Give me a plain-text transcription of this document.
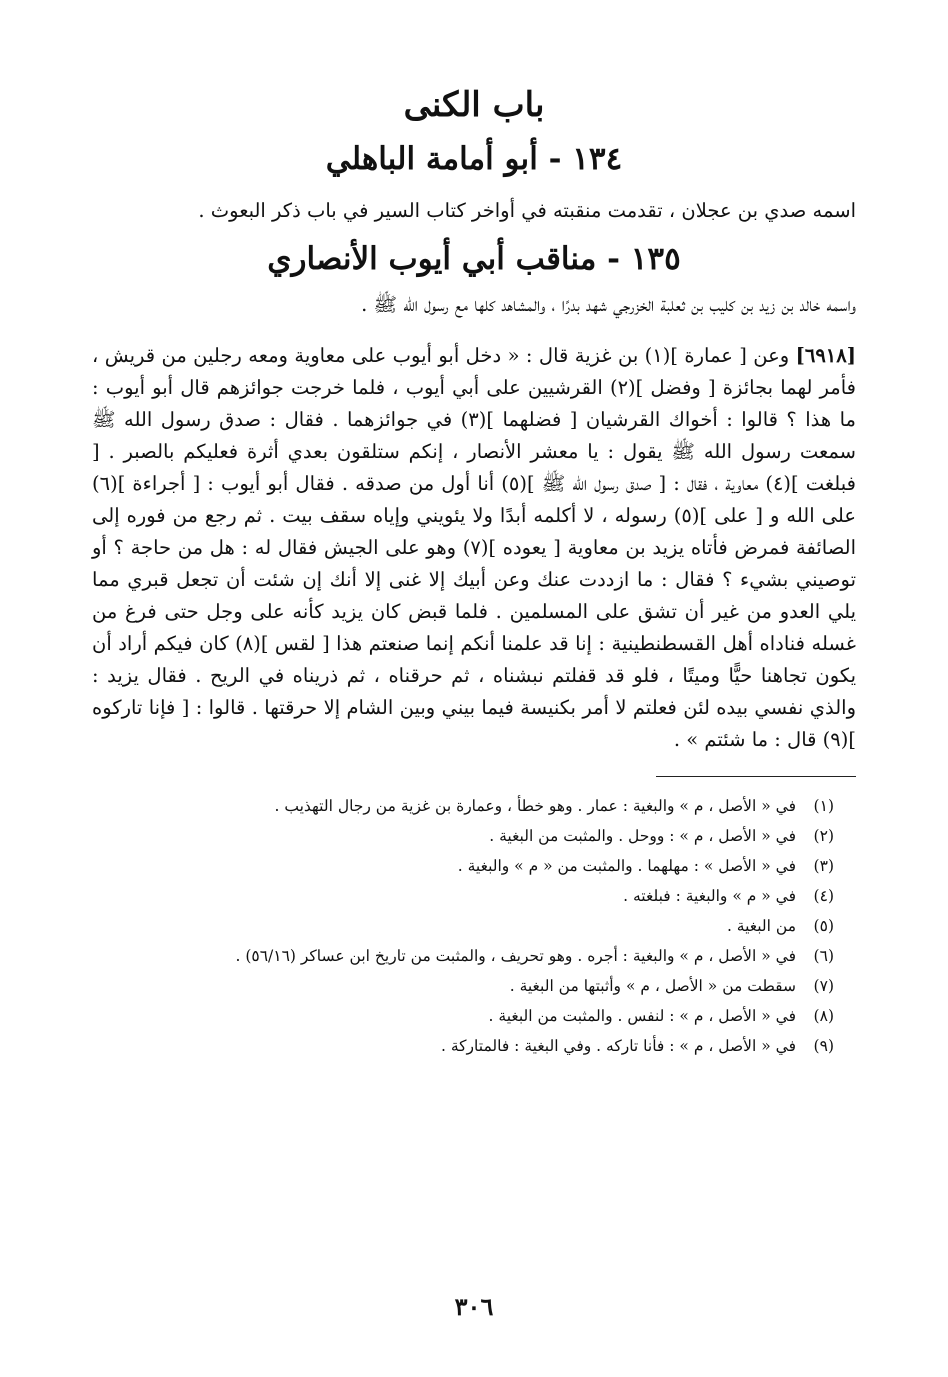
باب الكنى
١٣٤ - أبو أمامة الباهلي

اسمه صدي بن عجلان ، تقدمت منقبته في أواخر كتاب السير في باب ذكر البعوث .

١٣٥ - مناقب أبي أيوب الأنصاري

واسمه خالد بن زيد بن كليب بن ثعلبة الخزرجي شهد بدرًا ، والمشاهد كلها مع رسول الله ﷺ .

[٦٩١٨] وعن [ عمارة ](١) بن غزية قال : « دخل أبو أيوب على معاوية ومعه رجلين من قريش ، فأمر لهما بجائزة [ وفضل ](٢) القرشيين على أبي أيوب ، فلما خرجت جوائزهم قال أبو أيوب : ما هذا ؟ قالوا : أخواك القرشيان [ فضلهما ](٣) في جوائزهما . فقال : صدق رسول الله ﷺ سمعت رسول الله ﷺ يقول : يا معشر الأنصار ، إنكم ستلقون بعدي أثرة فعليكم بالصبر . [ فبلغت ](٤) معاوية ، فقال : [ صدق رسول الله ﷺ ](٥) أنا أول من صدقه . فقال أبو أيوب : [ أجراءة ](٦) على الله و [ على ](٥) رسوله ، لا أكلمه أبدًا ولا يئويني وإياه سقف بيت . ثم رجع من فوره إلى الصائفة فمرض فأتاه يزيد بن معاوية [ يعوده ](٧) وهو على الجيش فقال له : هل من حاجة ؟ أو توصيني بشيء ؟ فقال : ما ازددت عنك وعن أبيك إلا غنى إلا أنك إن شئت أن تجعل قبري مما يلي العدو من غير أن تشق على المسلمين . فلما قبض كان يزيد كأنه على وجل حتى فرغ من غسله فناداه أهل القسطنطينية : إنا قد علمنا أنكم إنما صنعتم هذا [ لقس ](٨) كان فيكم أراد أن يكون تجاهنا حيًّا وميتًا ، فلو قد قفلتم نبشناه ، ثم حرقناه ، ثم ذريناه في الريح . فقال يزيد : والذي نفسي بيده لئن فعلتم لا أمر بكنيسة فيما بيني وبين الشام إلا حرقتها . قالوا : [ فإنا تاركوه ](٩) قال : ما شئتم » .

(١)
في « الأصل ، م » والبغية : عمار . وهو خطأ ، وعمارة بن غزية من رجال التهذيب .
(٢)
في « الأصل ، م » : ووحل . والمثبت من البغية .
(٣)
في « الأصل » : مهلهما . والمثبت من « م » والبغية .
(٤)
في « م » والبغية : فبلغته .
(٥)
من البغية .
(٦)
في « الأصل ، م » والبغية : أجره . وهو تحريف ، والمثبت من تاريخ ابن عساكر (٥٦/١٦) .
(٧)
سقطت من « الأصل ، م » وأثبتها من البغية .
(٨)
في « الأصل ، م » : لنفس . والمثبت من البغية .
(٩)
في « الأصل ، م » : فأنا تاركه . وفي البغية : فالمتاركة .
٣٠٦
